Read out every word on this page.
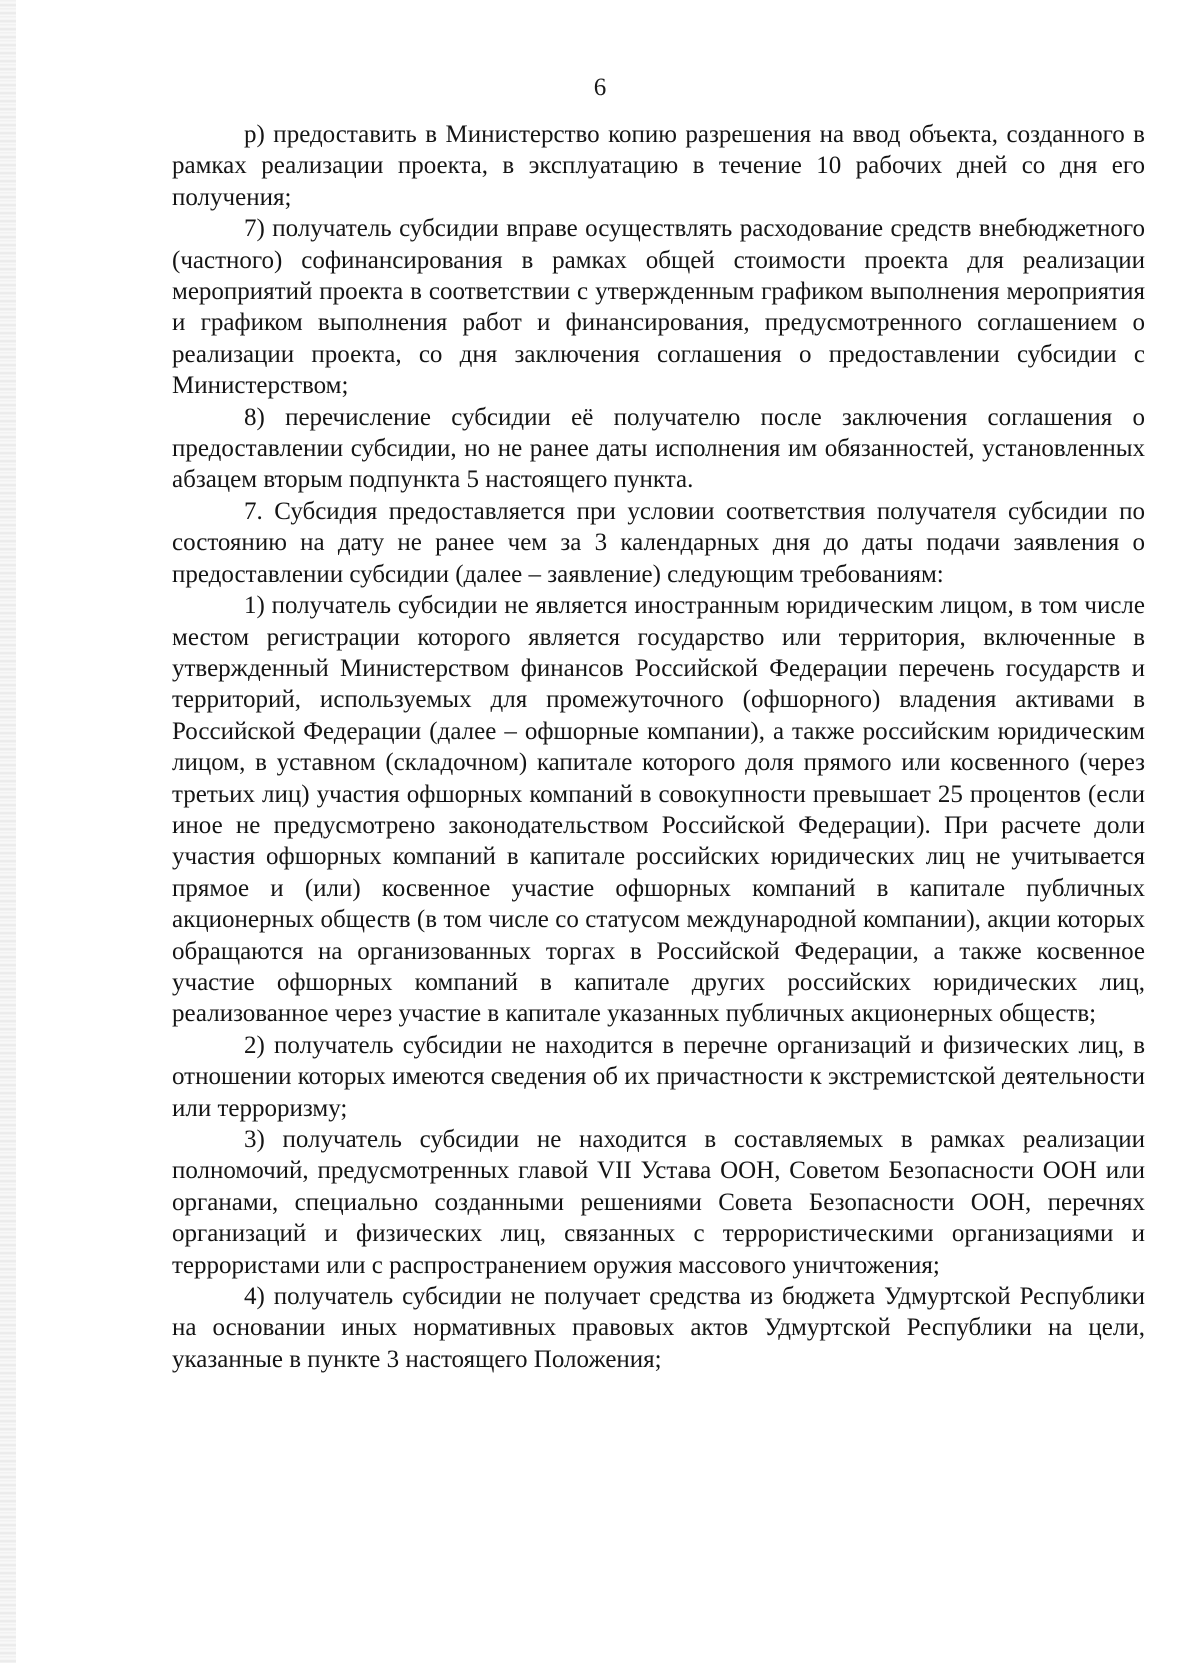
6

р) предоставить в Министерство копию разрешения на ввод объекта, созданного в рамках реализации проекта, в эксплуатацию в течение 10 рабочих дней со дня его получения;

7) получатель субсидии вправе осуществлять расходование средств внебюджетного (частного) софинансирования в рамках общей стоимости проекта для реализации мероприятий проекта в соответствии с утвержденным графиком выполнения мероприятия и графиком выполнения работ и финансирования, предусмотренного соглашением о реализации проекта, со дня заключения соглашения о предоставлении субсидии с Министерством;

8) перечисление субсидии её получателю после заключения соглашения о предоставлении субсидии, но не ранее даты исполнения им обязанностей, установленных абзацем вторым подпункта 5 настоящего пункта.

7. Субсидия предоставляется при условии соответствия получателя субсидии по состоянию на дату не ранее чем за 3 календарных дня до даты подачи заявления о предоставлении субсидии (далее – заявление) следующим требованиям:

1) получатель субсидии не является иностранным юридическим лицом, в том числе местом регистрации которого является государство или территория, включенные в утвержденный Министерством финансов Российской Федерации перечень государств и территорий, используемых для промежуточного (офшорного) владения активами в Российской Федерации (далее – офшорные компании), а также российским юридическим лицом, в уставном (складочном) капитале которого доля прямого или косвенного (через третьих лиц) участия офшорных компаний в совокупности превышает 25 процентов (если иное не предусмотрено законодательством Российской Федерации). При расчете доли участия офшорных компаний в капитале российских юридических лиц не учитывается прямое и (или) косвенное участие офшорных компаний в капитале публичных акционерных обществ (в том числе со статусом международной компании), акции которых обращаются на организованных торгах в Российской Федерации, а также косвенное участие офшорных компаний в капитале других российских юридических лиц, реализованное через участие в капитале указанных публичных акционерных обществ;

2) получатель субсидии не находится в перечне организаций и физических лиц, в отношении которых имеются сведения об их причастности к экстремистской деятельности или терроризму;

3) получатель субсидии не находится в составляемых в рамках реализации полномочий, предусмотренных главой VII Устава ООН, Советом Безопасности ООН или органами, специально созданными решениями Совета Безопасности ООН, перечнях организаций и физических лиц, связанных с террористическими организациями и террористами или с распространением оружия массового уничтожения;

4) получатель субсидии не получает средства из бюджета Удмуртской Республики на основании иных нормативных правовых актов Удмуртской Республики на цели, указанные в пункте 3 настоящего Положения;
